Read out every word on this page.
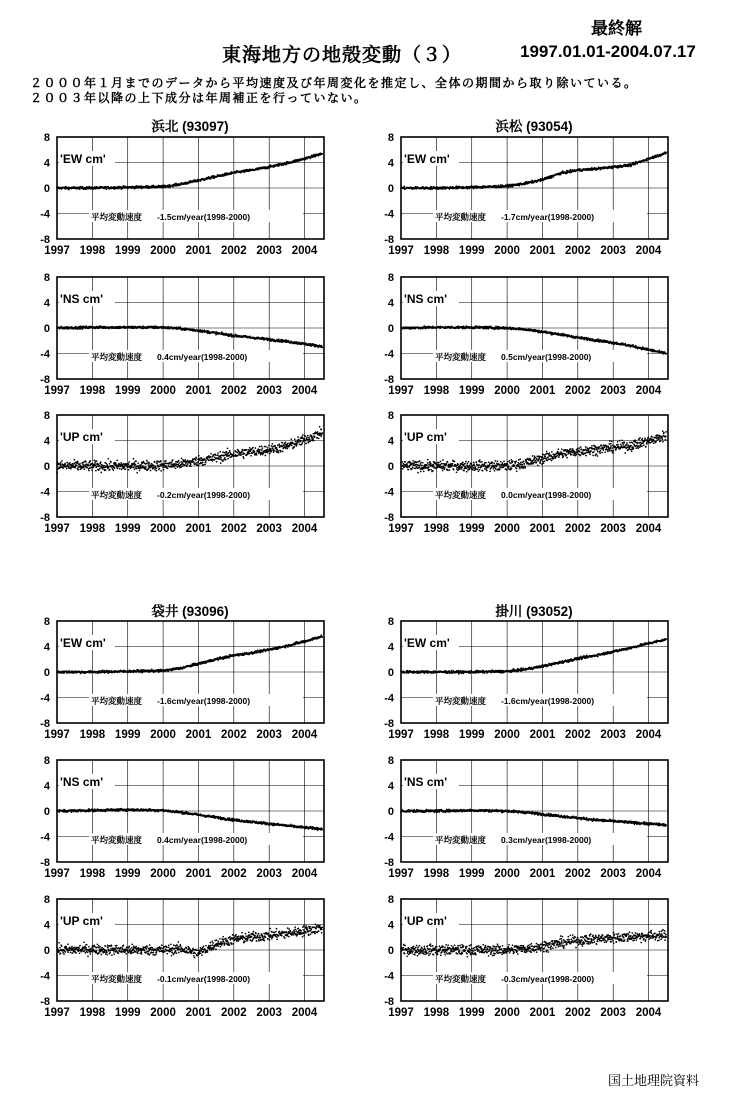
最終解
東海地方の地殻変動（３）	1997.01.01-2004.07.17
２０００年１月までのデータから平均速度及び年周変化を推定し、全体の期間から取り除いている。
２００３年以降の上下成分は年周補正を行っていない。
浜北 (93097)
8
4
0
-4
-8
1997 1998 1999 2000 2001 2002 2003 2004
'EW cm'
平均変動速度 -1.5cm/year(1998-2000)
8
4
0
-4
-8
1997 1998 1999 2000 2001 2002 2003 2004
'NS cm'
平均変動速度 0.4cm/year(1998-2000)
8
4
0
-4
-8
1997 1998 1999 2000 2001 2002 2003 2004
'UP cm'
平均変動速度 -0.2cm/year(1998-2000)
浜松 (93054)
8
4
0
-4
-8
1997 1998 1999 2000 2001 2002 2003 2004
'EW cm'
平均変動速度 -1.7cm/year(1998-2000)
8
4
0
-4
-8
1997 1998 1999 2000 2001 2002 2003 2004
'NS cm'
平均変動速度 0.5cm/year(1998-2000)
8
4
0
-4
-8
1997 1998 1999 2000 2001 2002 2003 2004
'UP cm'
平均変動速度 0.0cm/year(1998-2000)
袋井 (93096)
8
4
0
-4
-8
1997 1998 1999 2000 2001 2002 2003 2004
'EW cm'
平均変動速度 -1.6cm/year(1998-2000)
8
4
0
-4
-8
1997 1998 1999 2000 2001 2002 2003 2004
'NS cm'
平均変動速度 0.4cm/year(1998-2000)
8
4
0
-4
-8
1997 1998 1999 2000 2001 2002 2003 2004
'UP cm'
平均変動速度 -0.1cm/year(1998-2000)
掛川 (93052)
8
4
0
-4
-8
1997 1998 1999 2000 2001 2002 2003 2004
'EW cm'
平均変動速度 -1.6cm/year(1998-2000)
8
4
0
-4
-8
1997 1998 1999 2000 2001 2002 2003 2004
'NS cm'
平均変動速度 0.3cm/year(1998-2000)
8
4
0
-4
-8
1997 1998 1999 2000 2001 2002 2003 2004
'UP cm'
平均変動速度 -0.3cm/year(1998-2000)
国土地理院資料
